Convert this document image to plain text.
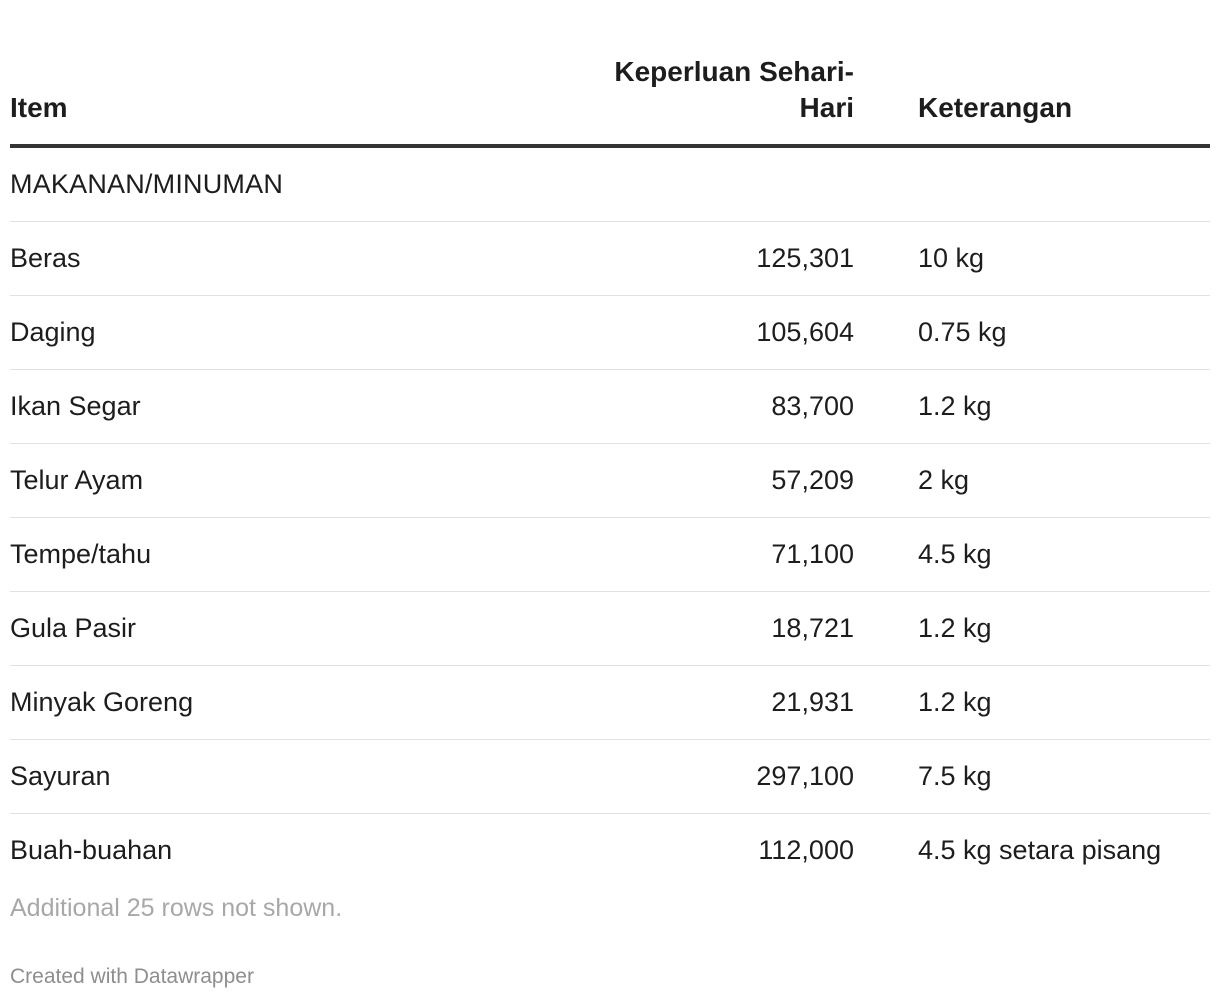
Item	Keperluan Sehari-Hari	Keterangan
MAKANAN/MINUMAN		
Beras	125,301	10 kg
Daging	105,604	0.75 kg
Ikan Segar	83,700	1.2 kg
Telur Ayam	57,209	2 kg
Tempe/tahu	71,100	4.5 kg
Gula Pasir	18,721	1.2 kg
Minyak Goreng	21,931	1.2 kg
Sayuran	297,100	7.5 kg
Buah-buahan	112,000	4.5 kg setara pisang
Additional 25 rows not shown.
Created with Datawrapper
